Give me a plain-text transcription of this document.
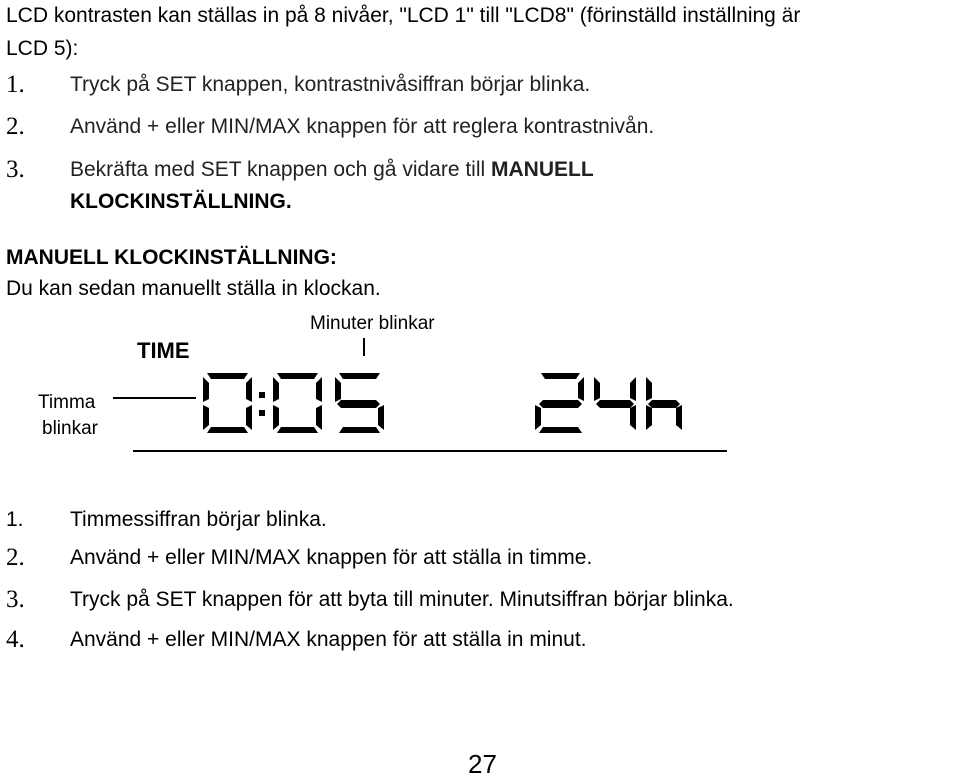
LCD kontrasten kan ställas in på 8 nivåer, "LCD 1" till "LCD8" (förinställd inställning är
LCD 5):
1. Tryck på SET knappen, kontrastnivåsiffran börjar blinka.
2. Använd + eller MIN/MAX knappen för att reglera kontrastnivån.
3. Bekräfta med SET knappen och gå vidare till MANUELL
KLOCKINSTÄLLNING.
MANUELL KLOCKINSTÄLLNING:
Du kan sedan manuellt ställa in klockan.
Minuter blinkar
TIME
Timma
blinkar
1. Timmessiffran börjar blinka.
2. Använd + eller MIN/MAX knappen för att ställa in timme.
3. Tryck på SET knappen för att byta till minuter. Minutsiffran börjar blinka.
4. Använd + eller MIN/MAX knappen för att ställa in minut.
27
